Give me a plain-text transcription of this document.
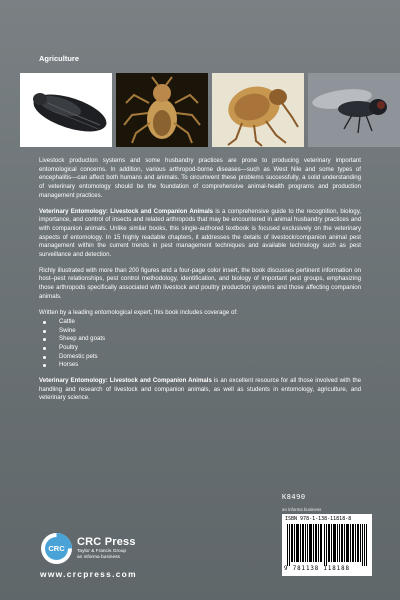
Agriculture

Livestock production systems and some husbandry practices are prone to producing veterinary important entomological concerns. In addition, various arthropod-borne diseases—such as West Nile and some types of encephalitis—can affect both humans and animals. To circumvent these problems successfully, a solid understanding of veterinary entomology should be the foundation of comprehensive animal-health programs and production management practices.

Veterinary Entomology: Livestock and Companion Animals is a comprehensive guide to the recognition, biology, importance, and control of insects and related arthropods that may be encountered in animal husbandry practices and with companion animals. Unlike similar books, this single-authored textbook is focused exclusively on the veterinary aspects of entomology. In 15 highly readable chapters, it addresses the details of livestock/companion animal pest management within the current trends in pest management techniques and available technology such as pest surveillance and detection.

Richly illustrated with more than 200 figures and a four-page color insert, the book discusses pertinent information on host–pest relationships, pest control methodology, identification, and biology of important pest groups, emphasizing those arthropods specifically associated with livestock and poultry production systems and those affecting companion animals.

Written by a leading entomological expert, this book includes coverage of:

Cattle
Swine
Sheep and goats
Poultry
Domestic pets
Horses

Veterinary Entomology: Livestock and Companion Animals is an excellent resource for all those involved with the handling and research of livestock and companion animals, as well as students in entomology, agriculture, and veterinary science.

K8490
an informa business
ISBN 978-1-138-11818-8
9 781138 118188
CRC
CRC Press
Taylor & Francis Group
an informa business
www.crcpress.com
